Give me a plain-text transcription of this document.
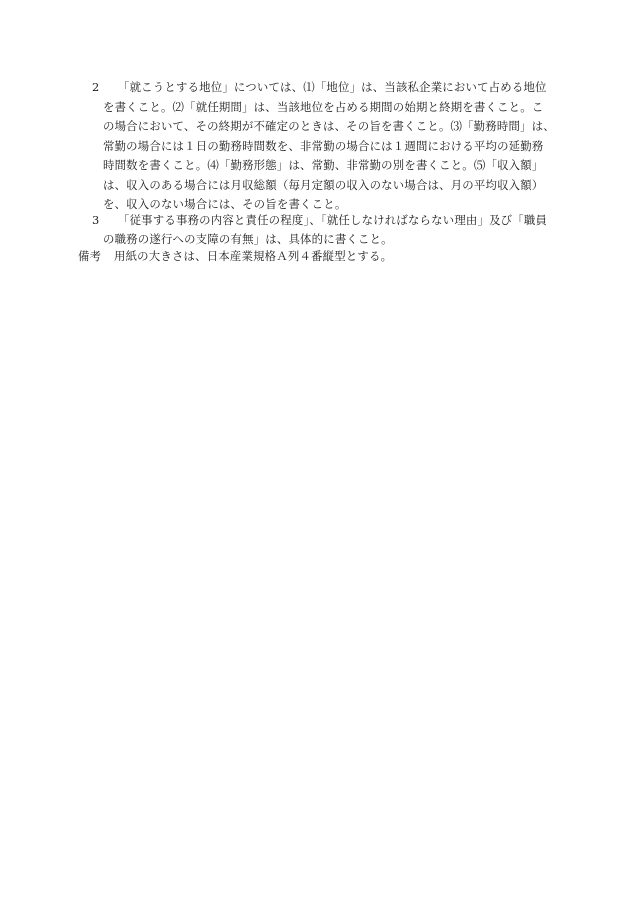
2 「就こうとする地位」については、⑴「地位」は、当該私企業において占める地位
を書くこと。⑵「就任期間」は、当該地位を占める期間の始期と終期を書くこと。こ
の場合において、その終期が不確定のときは、その旨を書くこと。⑶「勤務時間」は、
常勤の場合には１日の勤務時間数を、非常勤の場合には１週間における平均の延勤務
時間数を書くこと。⑷「勤務形態」は、常勤、非常勤の別を書くこと。⑸「収入額」
は、収入のある場合には月収総額（毎月定額の収入のない場合は、月の平均収入額）
を、収入のない場合には、その旨を書くこと。
3 「従事する事務の内容と責任の程度」、「就任しなければならない理由」及び「職員
の職務の遂行への支障の有無」は、具体的に書くこと。
備考 用紙の大きさは、日本産業規格Ａ列４番縦型とする。
